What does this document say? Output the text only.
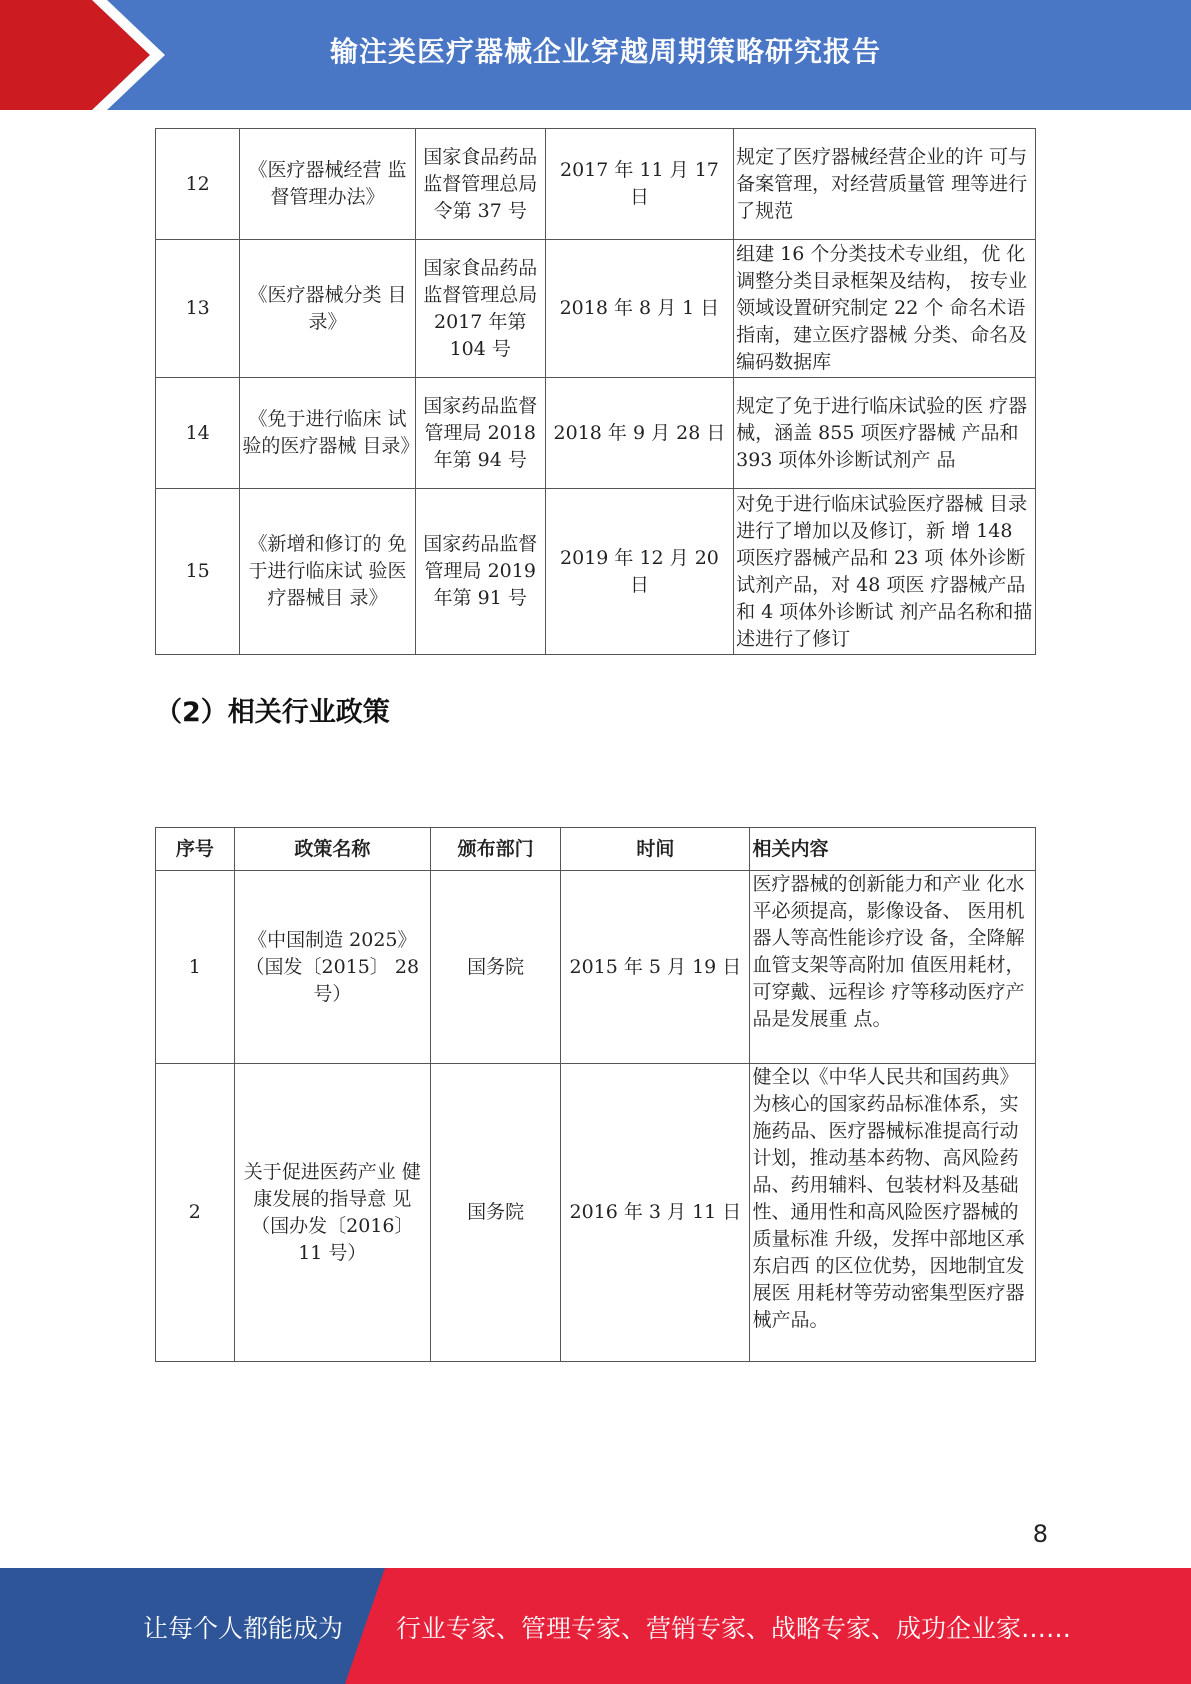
输注类医疗器械企业穿越周期策略研究报告
12	《医疗器械经营 监督管理办法》	国家食品药品监督管理总局令第 37 号	2017 年 11 月 17 日	规定了医疗器械经营企业的许 可与备案管理，对经营质量管 理等进行了规范
13	《医疗器械分类 目录》	国家食品药品监督管理总局 2017 年第 104 号	2018 年 8 月 1 日	组建 16 个分类技术专业组，优 化调整分类目录框架及结构， 按专业领域设置研究制定 22 个 命名术语指南，建立医疗器械 分类、命名及编码数据库
14	《免于进行临床 试验的医疗器械 目录》	国家药品监督管理局 2018 年第 94 号	2018 年 9 月 28 日	规定了免于进行临床试验的医 疗器械，涵盖 855 项医疗器械 产品和 393 项体外诊断试剂产 品
15	《新增和修订的 免于进行临床试 验医疗器械目 录》	国家药品监督管理局 2019 年第 91 号	2019 年 12 月 20 日	对免于进行临床试验医疗器械 目录进行了增加以及修订，新 增 148 项医疗器械产品和 23 项 体外诊断试剂产品，对 48 项医 疗器械产品和 4 项体外诊断试 剂产品名称和描述进行了修订
（2）相关行业政策
序号	政策名称	颁布部门	时间	相关内容
1	《中国制造 2025》（国发〔2015〕 28 号）	国务院	2015 年 5 月 19 日	医疗器械的创新能力和产业 化水平必须提高，影像设备、 医用机器人等高性能诊疗设 备，全降解血管支架等高附加 值医用耗材，可穿戴、远程诊 疗等移动医疗产品是发展重 点。
2	关于促进医药产业 健康发展的指导意 见（国办发〔2016〕 11 号）	国务院	2016 年 3 月 11 日	健全以《中华人民共和国药典》为核心的国家药品标准体系，实施药品、医疗器械标准提高行动计划，推动基本药物、高风险药品、药用辅料、包装材料及基础性、通用性和高风险医疗器械的质量标准 升级，发挥中部地区承东启西 的区位优势，因地制宜发展医 用耗材等劳动密集型医疗器 械产品。
8
让每个人都能成为 行业专家、管理专家、营销专家、战略专家、成功企业家……
